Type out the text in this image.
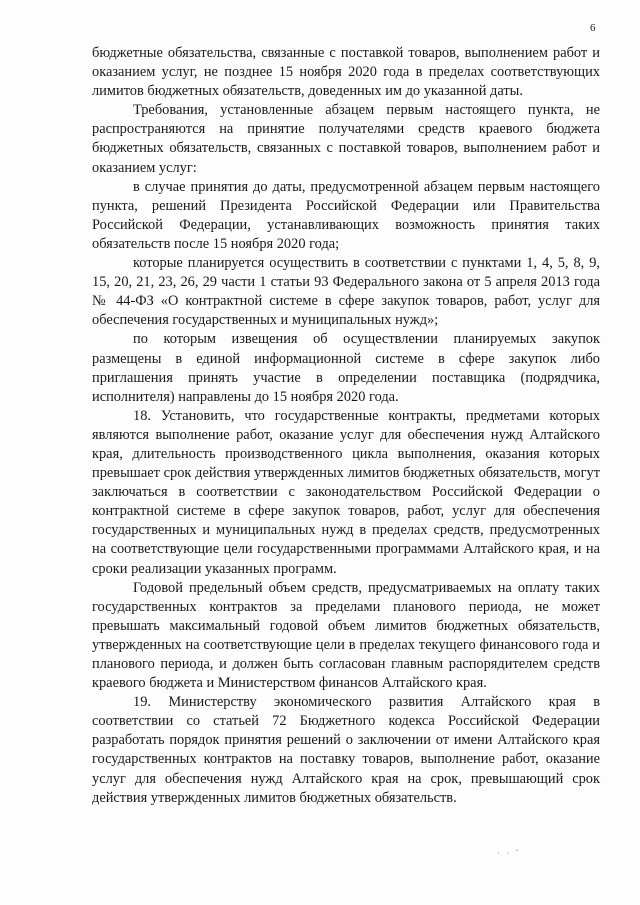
6

бюджетные обязательства, связанные с поставкой товаров, выполнением работ и оказанием услуг, не позднее 15 ноября 2020 года в пределах соответствующих лимитов бюджетных обязательств, доведенных им до указанной даты.

Требования, установленные абзацем первым настоящего пункта, не распространяются на принятие получателями средств краевого бюджета бюджетных обязательств, связанных с поставкой товаров, выполнением работ и оказанием услуг:

в случае принятия до даты, предусмотренной абзацем первым настоящего пункта, решений Президента Российской Федерации или Правительства Российской Федерации, устанавливающих возможность принятия таких обязательств после 15 ноября 2020 года;

которые планируется осуществить в соответствии с пунктами 1, 4, 5, 8, 9, 15, 20, 21, 23, 26, 29 части 1 статьи 93 Федерального закона от 5 апреля 2013 года № 44-ФЗ «О контрактной системе в сфере закупок товаров, работ, услуг для обеспечения государственных и муниципальных нужд»;

по которым извещения об осуществлении планируемых закупок размещены в единой информационной системе в сфере закупок либо приглашения принять участие в определении поставщика (подрядчика, исполнителя) направлены до 15 ноября 2020 года.

18. Установить, что государственные контракты, предметами которых являются выполнение работ, оказание услуг для обеспечения нужд Алтайского края, длительность производственного цикла выполнения, оказания которых превышает срок действия утвержденных лимитов бюджетных обязательств, могут заключаться в соответствии с законодательством Российской Федерации о контрактной системе в сфере закупок товаров, работ, услуг для обеспечения государственных и муниципальных нужд в пределах средств, предусмотренных на соответствующие цели государственными программами Алтайского края, и на сроки реализации указанных программ.

Годовой предельный объем средств, предусматриваемых на оплату таких государственных контрактов за пределами планового периода, не может превышать максимальный годовой объем лимитов бюджетных обязательств, утвержденных на соответствующие цели в пределах текущего финансового года и планового периода, и должен быть согласован главным распорядителем средств краевого бюджета и Министерством финансов Алтайского края.

19. Министерству экономического развития Алтайского края в соответствии со статьей 72 Бюджетного кодекса Российской Федерации разработать порядок принятия решений о заключении от имени Алтайского края государственных контрактов на поставку товаров, выполнение работ, оказание услуг для обеспечения нужд Алтайского края на срок, превышающий срок действия утвержденных лимитов бюджетных обязательств.

· · ˇ
